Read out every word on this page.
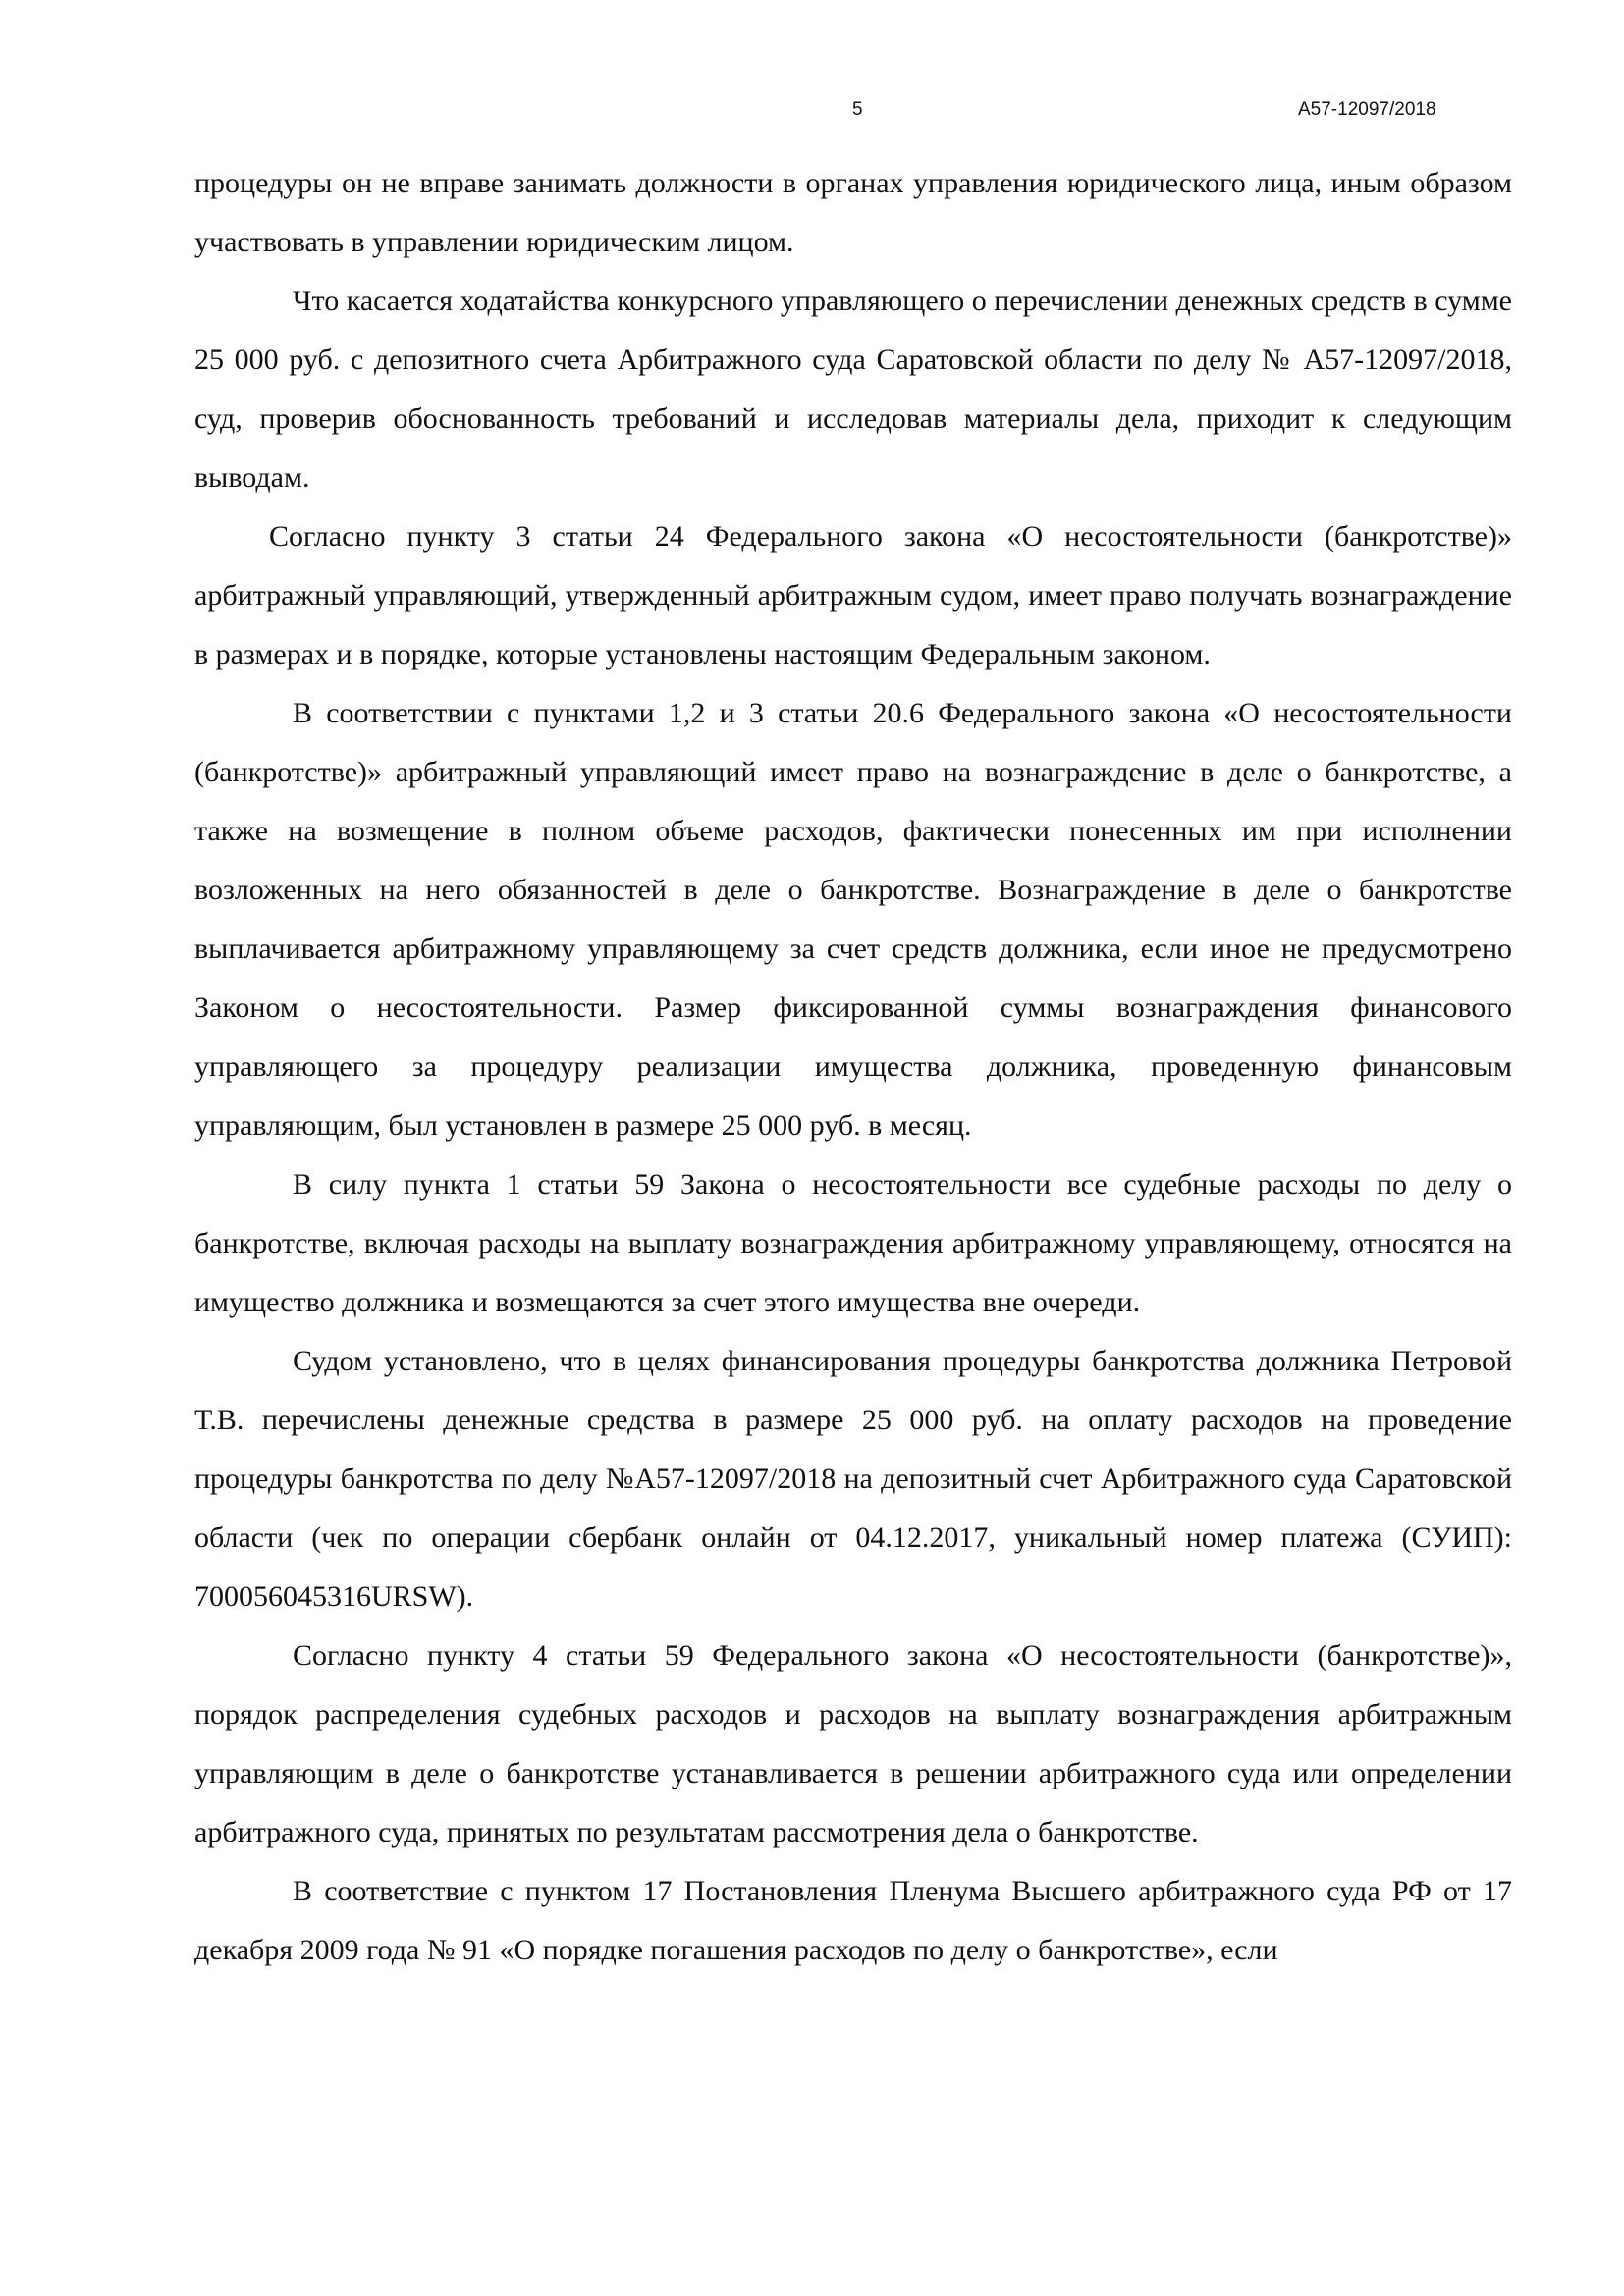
5	А57-12097/2018

процедуры он не вправе занимать должности в органах управления юридического лица, иным образом участвовать в управлении юридическим лицом.

Что касается ходатайства конкурсного управляющего о перечислении денежных средств в сумме 25 000 руб. с депозитного счета Арбитражного суда Саратовской области по делу № А57-12097/2018, суд, проверив обоснованность требований и исследовав материалы дела, приходит к следующим выводам.

Согласно пункту 3 статьи 24 Федерального закона «О несостоятельности (банкротстве)» арбитражный управляющий, утвержденный арбитражным судом, имеет право получать вознаграждение в размерах и в порядке, которые установлены настоящим Федеральным законом.

В соответствии с пунктами 1,2 и 3 статьи 20.6 Федерального закона «О несостоятельности (банкротстве)» арбитражный управляющий имеет право на вознаграждение в деле о банкротстве, а также на возмещение в полном объеме расходов, фактически понесенных им при исполнении возложенных на него обязанностей в деле о банкротстве. Вознаграждение в деле о банкротстве выплачивается арбитражному управляющему за счет средств должника, если иное не предусмотрено Законом о несостоятельности. Размер фиксированной суммы вознаграждения финансового управляющего за процедуру реализации имущества должника, проведенную финансовым управляющим, был установлен в размере 25 000 руб. в месяц.

В силу пункта 1 статьи 59 Закона о несостоятельности все судебные расходы по делу о банкротстве, включая расходы на выплату вознаграждения арбитражному управляющему, относятся на имущество должника и возмещаются за счет этого имущества вне очереди.

Судом установлено, что в целях финансирования процедуры банкротства должника Петровой Т.В. перечислены денежные средства в размере 25 000 руб. на оплату расходов на проведение процедуры банкротства по делу №А57-12097/2018 на депозитный счет Арбитражного суда Саратовской области (чек по операции сбербанк онлайн от 04.12.2017, уникальный номер платежа (СУИП): 700056045316URSW).

Согласно пункту 4 статьи 59 Федерального закона «О несостоятельности (банкротстве)», порядок распределения судебных расходов и расходов на выплату вознаграждения арбитражным управляющим в деле о банкротстве устанавливается в решении арбитражного суда или определении арбитражного суда, принятых по результатам рассмотрения дела о банкротстве.

В соответствие с пунктом 17 Постановления Пленума Высшего арбитражного суда РФ от 17 декабря 2009 года № 91 «О порядке погашения расходов по делу о банкротстве», если
